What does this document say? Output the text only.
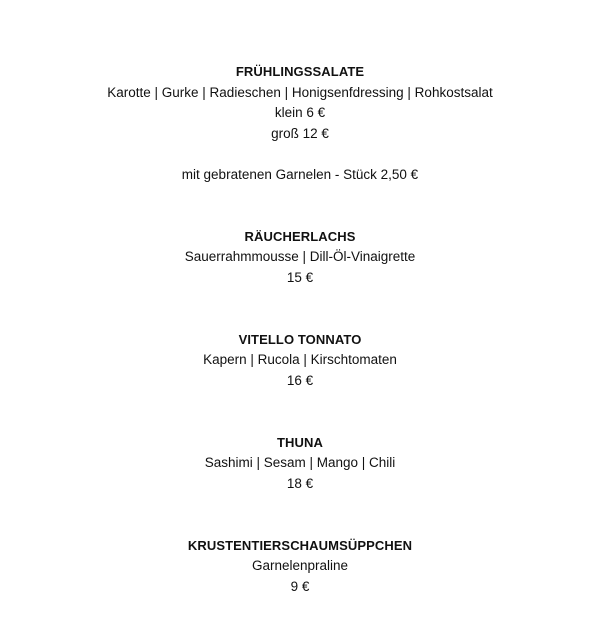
FRÜHLINGSSALATE
Karotte | Gurke | Radieschen | Honigsenfdressing | Rohkostsalat
klein 6 €
groß 12 €
mit gebratenen Garnelen - Stück 2,50 €
RÄUCHERLACHS
Sauerrahmmousse | Dill-Öl-Vinaigrette
15 €
VITELLO TONNATO
Kapern | Rucola | Kirschtomaten
16 €
THUNA
Sashimi | Sesam | Mango | Chili
18 €
KRUSTENTIERSCHAUMSÜPPCHEN
Garnelenpraline
9 €
